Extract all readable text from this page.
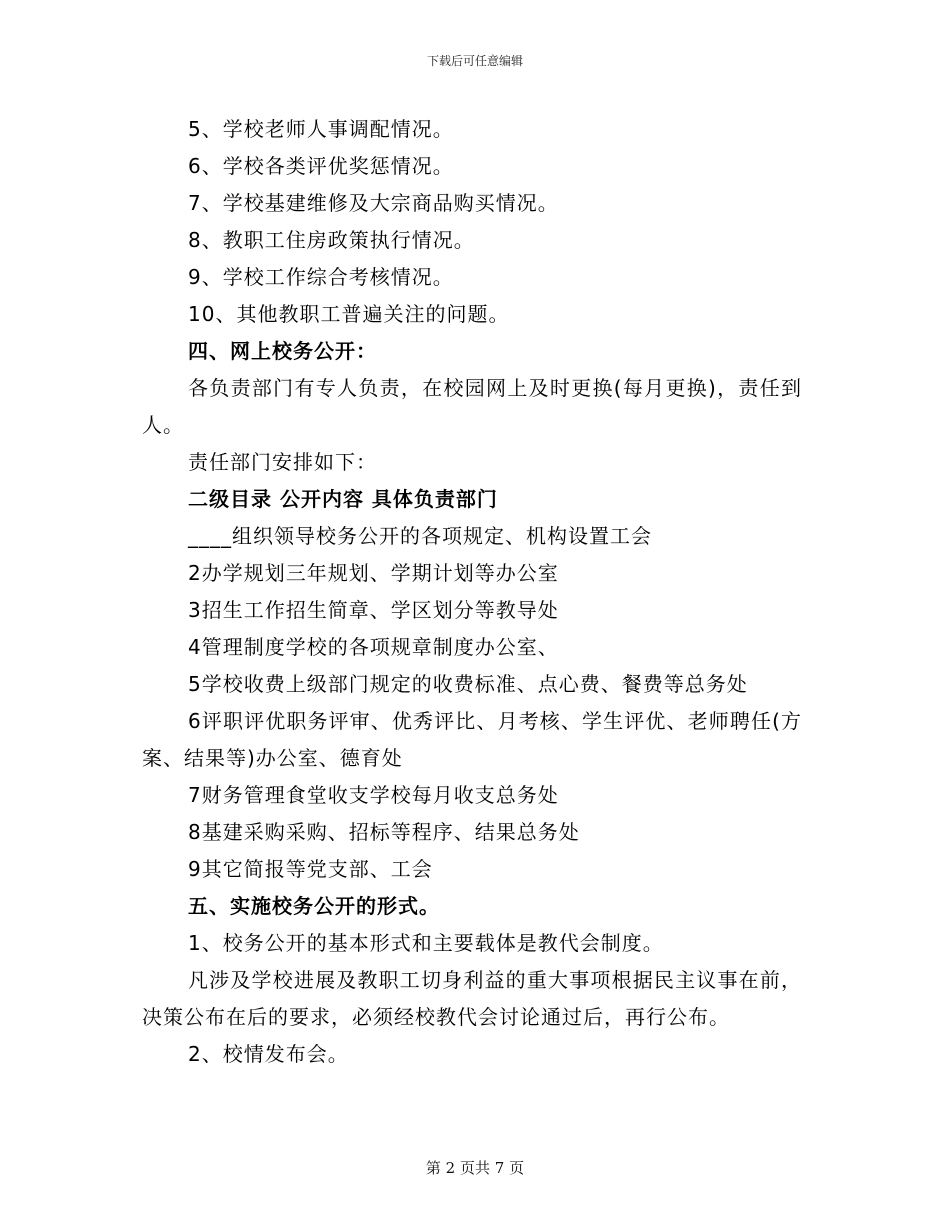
下载后可任意编辑

5、学校老师人事调配情况。

6、学校各类评优奖惩情况。

7、学校基建维修及大宗商品购买情况。

8、教职工住房政策执行情况。

9、学校工作综合考核情况。

10、其他教职工普遍关注的问题。

四、网上校务公开：

各负责部门有专人负责，在校园网上及时更换(每月更换)，责任到人。

责任部门安排如下：

二级目录 公开内容 具体负责部门

____组织领导校务公开的各项规定、机构设置工会

2办学规划三年规划、学期计划等办公室

3招生工作招生简章、学区划分等教导处

4管理制度学校的各项规章制度办公室、

5学校收费上级部门规定的收费标准、点心费、餐费等总务处

6评职评优职务评审、优秀评比、月考核、学生评优、老师聘任(方案、结果等)办公室、德育处

7财务管理食堂收支学校每月收支总务处

8基建采购采购、招标等程序、结果总务处

9其它简报等党支部、工会

五、实施校务公开的形式。

1、校务公开的基本形式和主要载体是教代会制度。

凡涉及学校进展及教职工切身利益的重大事项根据民主议事在前，决策公布在后的要求，必须经校教代会讨论通过后，再行公布。

2、校情发布会。

第 2 页共 7 页
